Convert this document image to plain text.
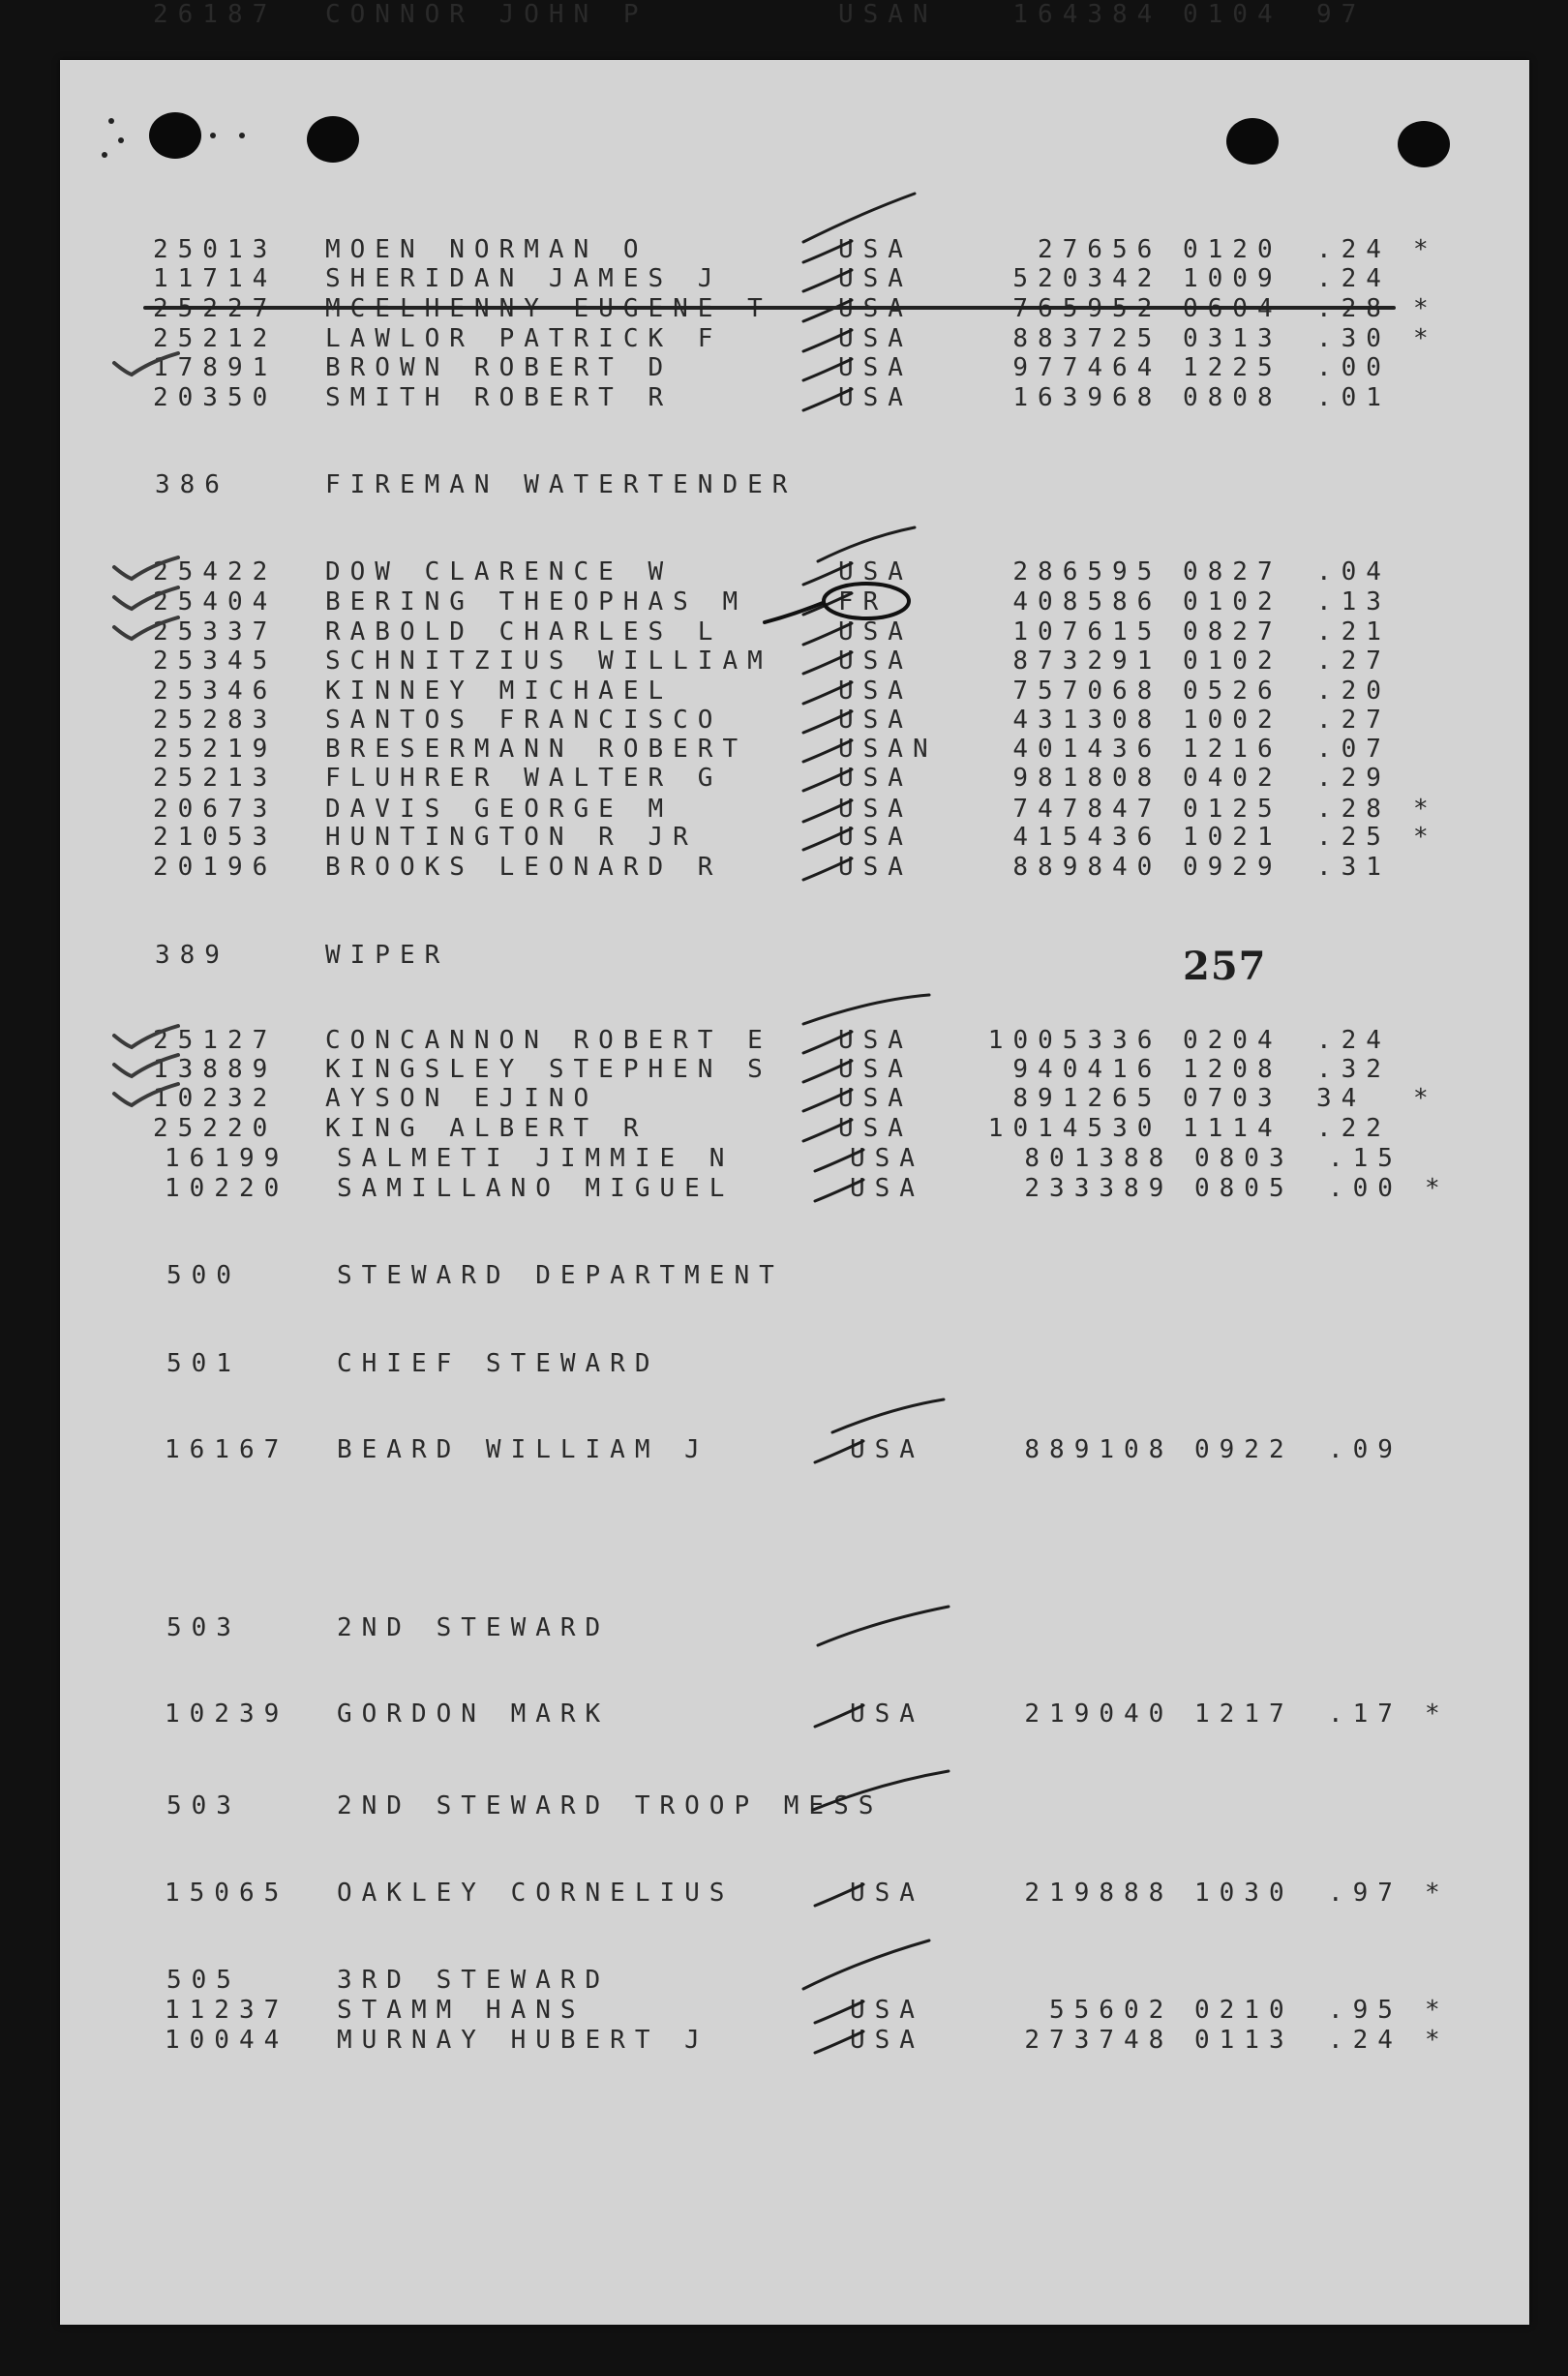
25013 MOEN NORMAN O	USA	27656 0120 .24 *
11714 SHERIDAN JAMES J	USA	520342 1009 .24
25227 MCELHENNY EUGENE T	USA	765952 0604 .28 *
25212 LAWLOR PATRICK F	USA	883725 0313 .30 *
17891 BROWN ROBERT D	USA	977464 1225 .00
20350 SMITH ROBERT R	USA	163968 0808 .01
386	FIREMAN WATERTENDER
25422 DOW CLARENCE W	USA	286595 0827 .04
25404 BERING THEOPHAS M	FR	408586 0102 .13
25337 RABOLD CHARLES L	USA	107615 0827 .21
25345 SCHNITZIUS WILLIAM	USA	873291 0102 .27
25346 KINNEY MICHAEL	USA	757068 0526 .20
25283 SANTOS FRANCISCO	USA	431308 1002 .27
25219 BRESERMANN ROBERT	USAN	401436 1216 .07
25213 FLUHRER WALTER G	USA	981808 0402 .29
20673 DAVIS GEORGE M	USA	747847 0125 .28 *
21053 HUNTINGTON R JR	USA	415436 1021 .25 *
20196 BROOKS LEONARD R	USA	889840 0929 .31
389	WIPER
25127 CONCANNON ROBERT E	USA	1005336 0204 .24
13889 KINGSLEY STEPHEN S	USA	940416 1208 .32
10232 AYSON EJINO	USA	891265 0703 34 *
25220 KING ALBERT R	USA	1014530 1114 .22
16199 SALMETI JIMMIE N	USA	801388 0803 .15
10220 SAMILLANO MIGUEL	USA	233389 0805 .00 *
500	STEWARD DEPARTMENT
501	CHIEF STEWARD
16167 BEARD WILLIAM J	USA	889108 0922 .09
503	2ND STEWARD
10239 GORDON MARK	USA	219040 1217 .17 *
503	2ND STEWARD TROOP MESS
15065 OAKLEY CORNELIUS	USA	219888 1030 .97 *
505	3RD STEWARD
11237 STAMM HANS	USA	55602 0210 .95 *
10044 MURNAY HUBERT J	USA	273748 0113 .24 *
26187 CONNOR JOHN P	USAN	164384 0104 97
257
